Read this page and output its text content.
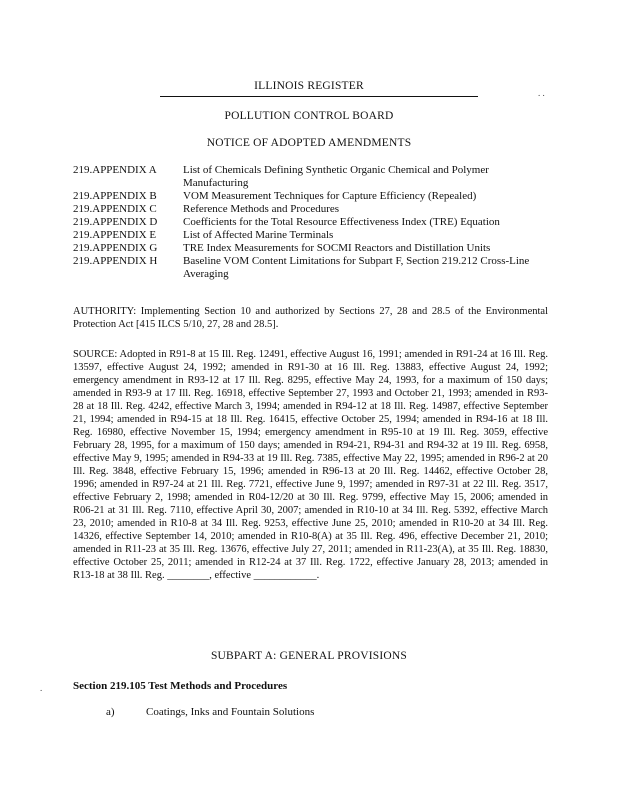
ILLINOIS REGISTER
. .
POLLUTION CONTROL BOARD
NOTICE OF ADOPTED AMENDMENTS
219.APPENDIX A	List of Chemicals Defining Synthetic Organic Chemical and Polymer Manufacturing
219.APPENDIX B	VOM Measurement Techniques for Capture Efficiency (Repealed)
219.APPENDIX C	Reference Methods and Procedures
219.APPENDIX D	Coefficients for the Total Resource Effectiveness Index (TRE) Equation
219.APPENDIX E	List of Affected Marine Terminals
219.APPENDIX G	TRE Index Measurements for SOCMI Reactors and Distillation Units
219.APPENDIX H	Baseline VOM Content Limitations for Subpart F, Section 219.212 Cross-Line Averaging
AUTHORITY: Implementing Section 10 and authorized by Sections 27, 28 and 28.5 of the Environmental Protection Act [415 ILCS 5/10, 27, 28 and 28.5].
SOURCE: Adopted in R91-8 at 15 Ill. Reg. 12491, effective August 16, 1991; amended in R91-24 at 16 Ill. Reg. 13597, effective August 24, 1992; amended in R91-30 at 16 Ill. Reg. 13883, effective August 24, 1992; emergency amendment in R93-12 at 17 Ill. Reg. 8295, effective May 24, 1993, for a maximum of 150 days; amended in R93-9 at 17 Ill. Reg. 16918, effective September 27, 1993 and October 21, 1993; amended in R93-28 at 18 Ill. Reg. 4242, effective March 3, 1994; amended in R94-12 at 18 Ill. Reg. 14987, effective September 21, 1994; amended in R94-15 at 18 Ill. Reg. 16415, effective October 25, 1994; amended in R94-16 at 18 Ill. Reg. 16980, effective November 15, 1994; emergency amendment in R95-10 at 19 Ill. Reg. 3059, effective February 28, 1995, for a maximum of 150 days; amended in R94-21, R94-31 and R94-32 at 19 Ill. Reg. 6958, effective May 9, 1995; amended in R94-33 at 19 Ill. Reg. 7385, effective May 22, 1995; amended in R96-2 at 20 Ill. Reg. 3848, effective February 15, 1996; amended in R96-13 at 20 Ill. Reg. 14462, effective October 28, 1996; amended in R97-24 at 21 Ill. Reg. 7721, effective June 9, 1997; amended in R97-31 at 22 Ill. Reg. 3517, effective February 2, 1998; amended in R04-12/20 at 30 Ill. Reg. 9799, effective May 15, 2006; amended in R06-21 at 31 Ill. Reg. 7110, effective April 30, 2007; amended in R10-10 at 34 Ill. Reg. 5392, effective March 23, 2010; amended in R10-8 at 34 Ill. Reg. 9253, effective June 25, 2010; amended in R10-20 at 34 Ill. Reg. 14326, effective September 14, 2010; amended in R10-8(A) at 35 Ill. Reg. 496, effective December 21, 2010; amended in R11-23 at 35 Ill. Reg. 13676, effective July 27, 2011; amended in R11-23(A), at 35 Ill. Reg. 18830, effective October 25, 2011; amended in R12-24 at 37 Ill. Reg. 1722, effective January 28, 2013; amended in R13-18 at 38 Ill. Reg. ________, effective ____________.
SUBPART A: GENERAL PROVISIONS
.	Section 219.105 Test Methods and Procedures
a)	Coatings, Inks and Fountain Solutions
